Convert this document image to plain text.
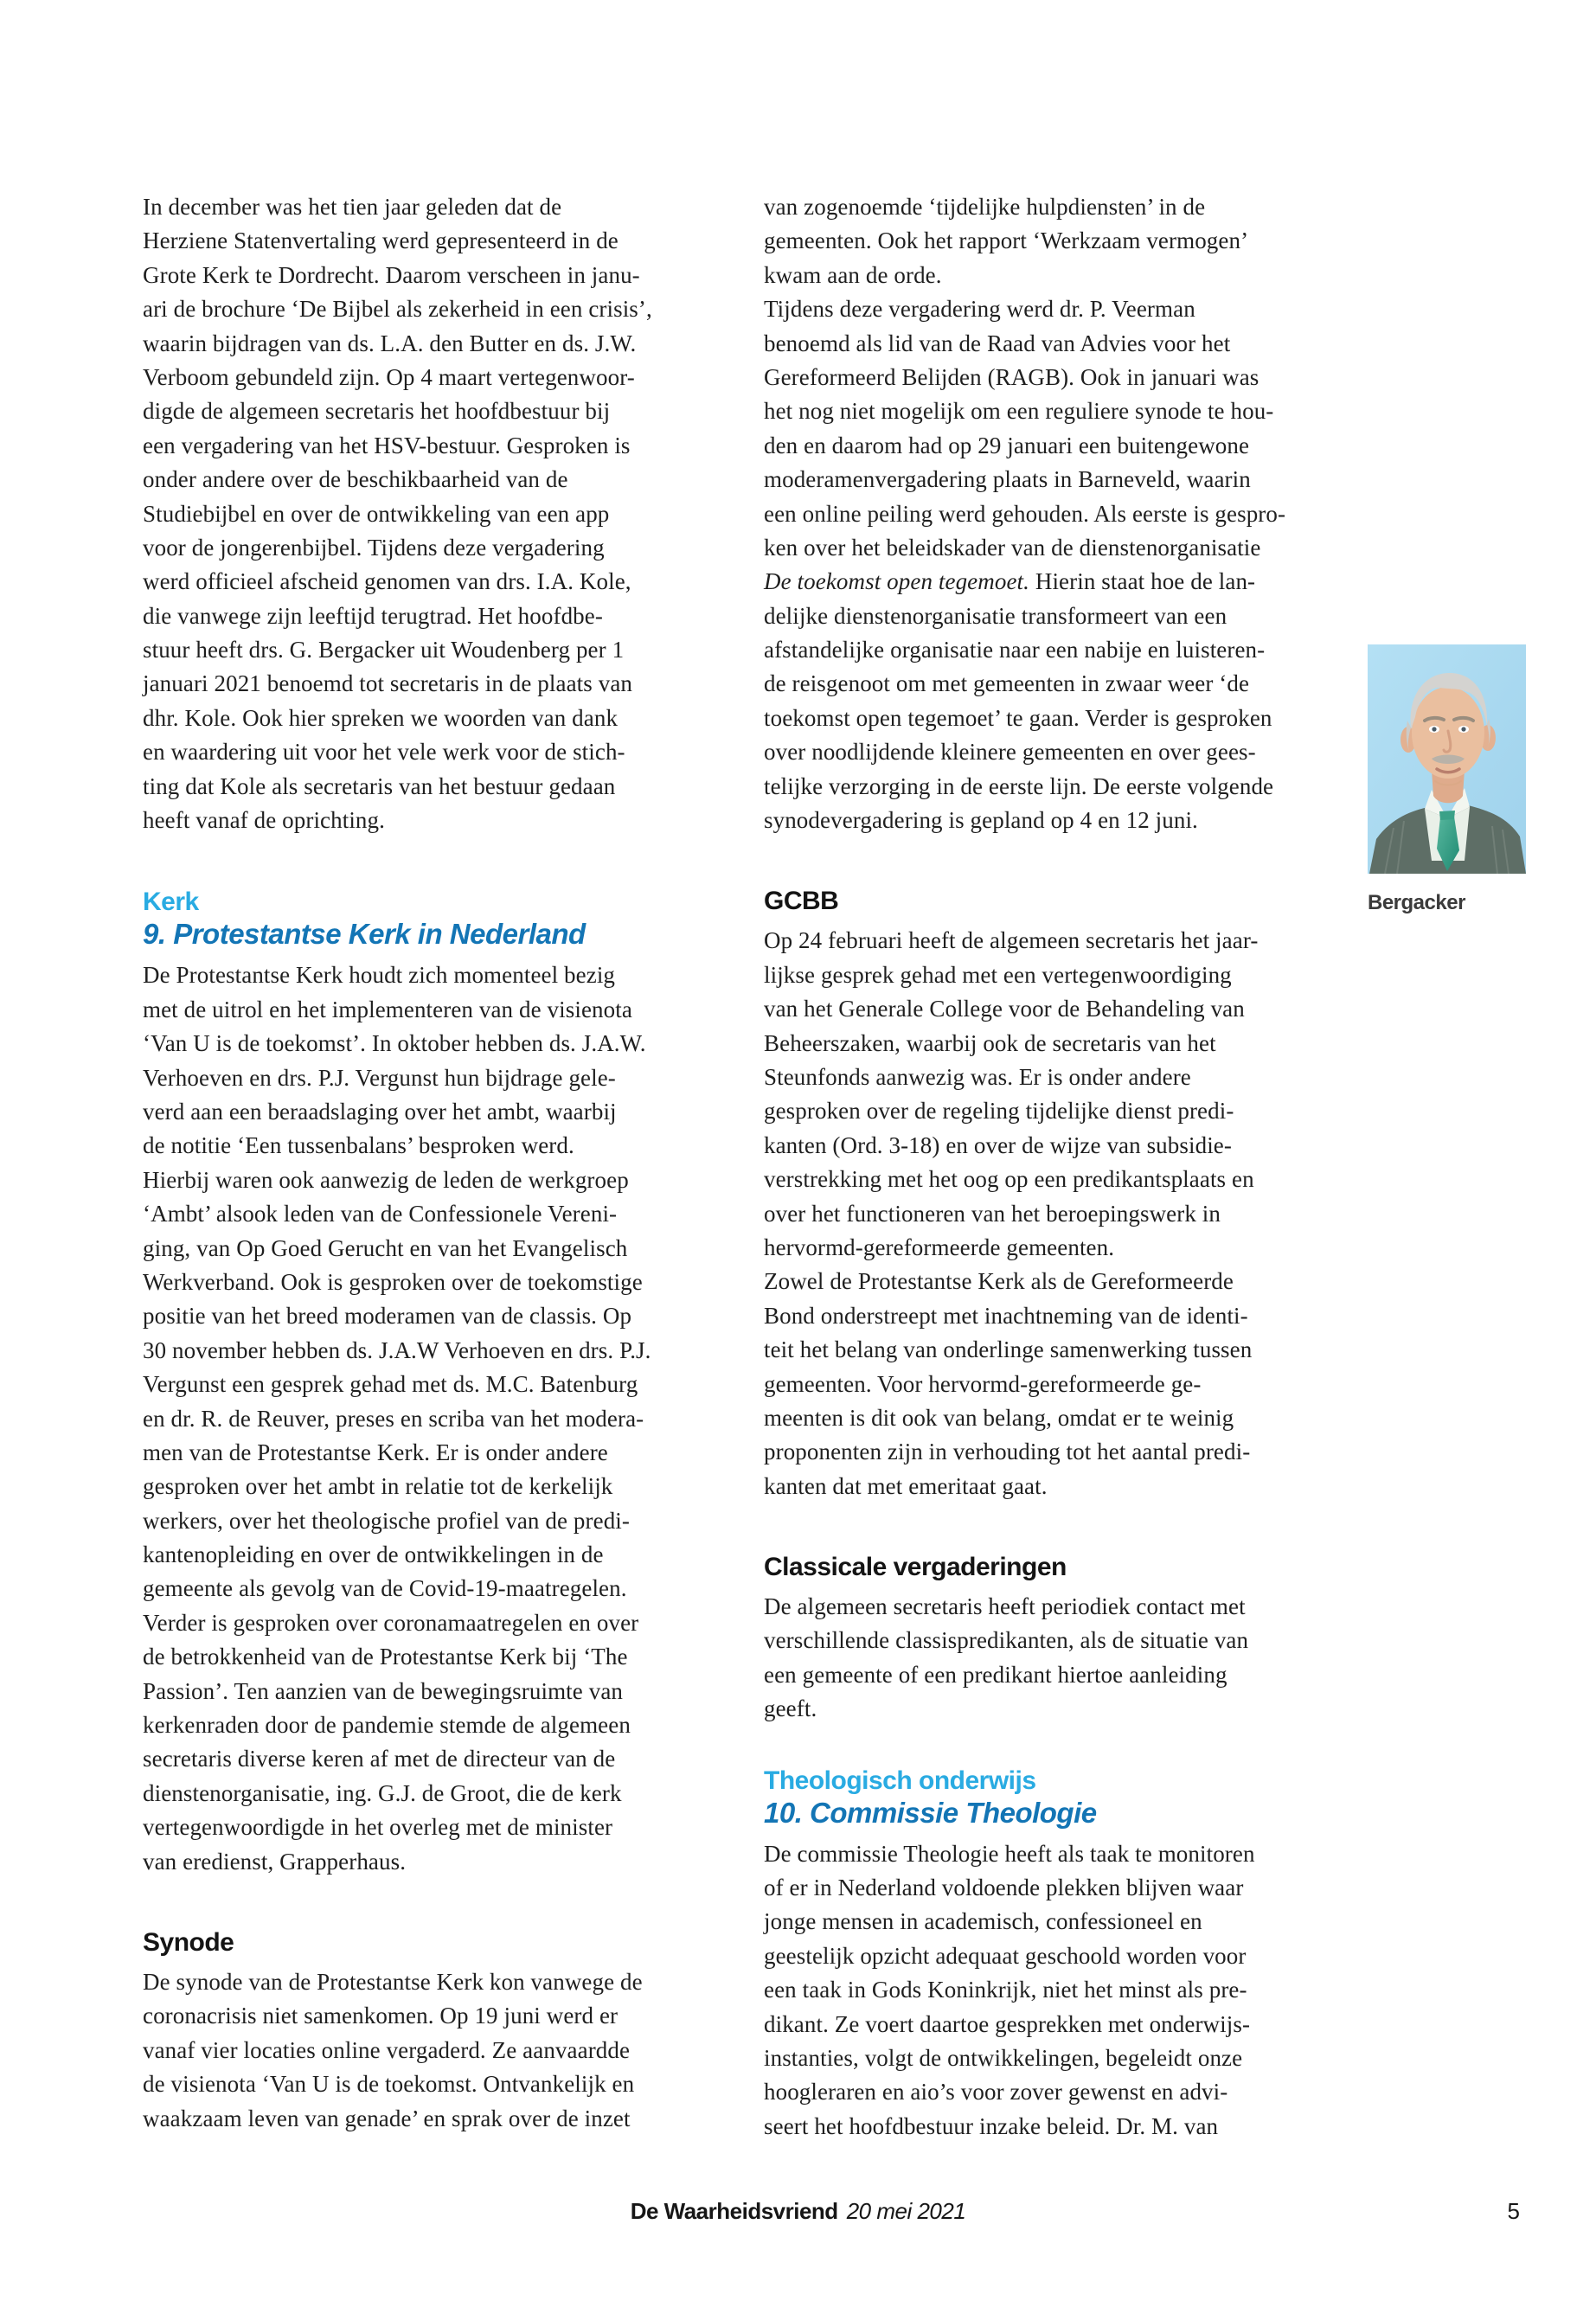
In december was het tien jaar geleden dat de
Herziene Statenvertaling werd gepresenteerd in de
Grote Kerk te Dordrecht. Daarom verscheen in janu-
ari de brochure ‘De Bijbel als zekerheid in een crisis’,
waarin bijdragen van ds. L.A. den Butter en ds. J.W.
Verboom gebundeld zijn. Op 4 maart vertegenwoor-
digde de algemeen secretaris het hoofdbestuur bij
een vergadering van het HSV-bestuur. Gesproken is
onder andere over de beschikbaarheid van de
Studiebijbel en over de ontwikkeling van een app
voor de jongerenbijbel. Tijdens deze vergadering
werd officieel afscheid genomen van drs. I.A. Kole,
die vanwege zijn leeftijd terugtrad. Het hoofdbe-
stuur heeft drs. G. Bergacker uit Woudenberg per 1
januari 2021 benoemd tot secretaris in de plaats van
dhr. Kole. Ook hier spreken we woorden van dank
en waardering uit voor het vele werk voor de stich-
ting dat Kole als secretaris van het bestuur gedaan
heeft vanaf de oprichting.
Kerk
9. Protestantse Kerk in Nederland
De Protestantse Kerk houdt zich momenteel bezig
met de uitrol en het implementeren van de visienota
‘Van U is de toekomst’. In oktober hebben ds. J.A.W.
Verhoeven en drs. P.J. Vergunst hun bijdrage gele-
verd aan een beraadslaging over het ambt, waarbij
de notitie ‘Een tussenbalans’ besproken werd.
Hierbij waren ook aanwezig de leden de werkgroep
‘Ambt’ alsook leden van de Confessionele Vereni-
ging, van Op Goed Gerucht en van het Evangelisch
Werkverband. Ook is gesproken over de toekomstige
positie van het breed moderamen van de classis. Op
30 november hebben ds. J.A.W Verhoeven en drs. P.J.
Vergunst een gesprek gehad met ds. M.C. Batenburg
en dr. R. de Reuver, preses en scriba van het modera-
men van de Protestantse Kerk. Er is onder andere
gesproken over het ambt in relatie tot de kerkelijk
werkers, over het theologische profiel van de predi-
kantenopleiding en over de ontwikkelingen in de
gemeente als gevolg van de Covid-19-maatregelen.
Verder is gesproken over coronamaatregelen en over
de betrokkenheid van de Protestantse Kerk bij ‘The
Passion’. Ten aanzien van de bewegingsruimte van
kerkenraden door de pandemie stemde de algemeen
secretaris diverse keren af met de directeur van de
dienstenorganisatie, ing. G.J. de Groot, die de kerk
vertegenwoordigde in het overleg met de minister
van eredienst, Grapperhaus.
Synode
De synode van de Protestantse Kerk kon vanwege de
coronacrisis niet samenkomen. Op 19 juni werd er
vanaf vier locaties online vergaderd. Ze aanvaardde
de visienota ‘Van U is de toekomst. Ontvankelijk en
waakzaam leven van genade’ en sprak over de inzet
van zogenoemde ‘tijdelijke hulpdiensten’ in de
gemeenten. Ook het rapport ‘Werkzaam vermogen’
kwam aan de orde.
Tijdens deze vergadering werd dr. P. Veerman
benoemd als lid van de Raad van Advies voor het
Gereformeerd Belijden (RAGB). Ook in januari was
het nog niet mogelijk om een reguliere synode te hou-
den en daarom had op 29 januari een buitengewone
moderamenvergadering plaats in Barneveld, waarin
een online peiling werd gehouden. Als eerste is gespro-
ken over het beleidskader van de dienstenorganisatie
De toekomst open tegemoet. Hierin staat hoe de lan-
delijke dienstenorganisatie transformeert van een
afstandelijke organisatie naar een nabije en luisteren-
de reisgenoot om met gemeenten in zwaar weer ‘de
toekomst open tegemoet’ te gaan. Verder is gesproken
over noodlijdende kleinere gemeenten en over gees-
telijke verzorging in de eerste lijn. De eerste volgende
synodevergadering is gepland op 4 en 12 juni.
GCBB
Op 24 februari heeft de algemeen secretaris het jaar-
lijkse gesprek gehad met een vertegenwoordiging
van het Generale College voor de Behandeling van
Beheerszaken, waarbij ook de secretaris van het
Steunfonds aanwezig was. Er is onder andere
gesproken over de regeling tijdelijke dienst predi-
kanten (Ord. 3-18) en over de wijze van subsidie-
verstrekking met het oog op een predikantsplaats en
over het functioneren van het beroepingswerk in
hervormd-gereformeerde gemeenten.
Zowel de Protestantse Kerk als de Gereformeerde
Bond onderstreept met inachtneming van de identi-
teit het belang van onderlinge samenwerking tussen
gemeenten. Voor hervormd-gereformeerde ge-
meenten is dit ook van belang, omdat er te weinig
proponenten zijn in verhouding tot het aantal predi-
kanten dat met emeritaat gaat.
Classicale vergaderingen
De algemeen secretaris heeft periodiek contact met
verschillende classispredikanten, als de situatie van
een gemeente of een predikant hiertoe aanleiding
geeft.
Theologisch onderwijs
10. Commissie Theologie
De commissie Theologie heeft als taak te monitoren
of er in Nederland voldoende plekken blijven waar
jonge mensen in academisch, confessioneel en
geestelijk opzicht adequaat geschoold worden voor
een taak in Gods Koninkrijk, niet het minst als pre-
dikant. Ze voert daartoe gesprekken met onderwijs-
instanties, volgt de ontwikkelingen, begeleidt onze
hoogleraren en aio’s voor zover gewenst en advi-
seert het hoofdbestuur inzake beleid. Dr. M. van
Bergacker
De Waarheidsvriend 20 mei 2021	5
